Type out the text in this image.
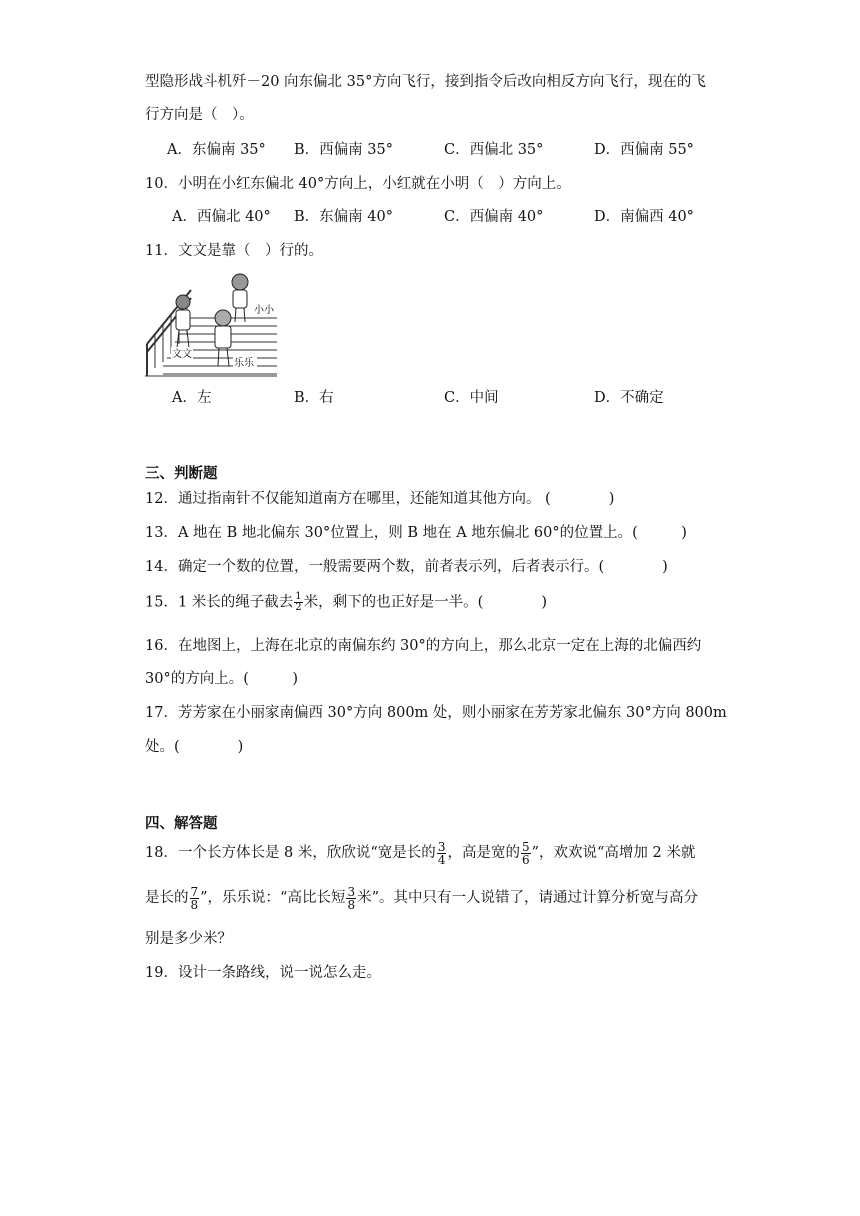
型隐形战斗机歼－20 向东偏北 35°方向飞行，接到指令后改向相反方向飞行，现在的飞
行方向是（　）。
A．东偏南 35° B．西偏南 35°	C．西偏北 35°	D．西偏南 55°
10．小明在小红东偏北 40°方向上，小红就在小明（　）方向上。
A．西偏北 40° B．东偏南 40°	C．西偏南 40°	D．南偏西 40°
11．文文是靠（　）行的。
文文
乐乐
小小
A．左	B．右	C．中间	D．不确定
三、判断题
12．通过指南针不仅能知道南方在哪里，还能知道其他方向。 (　　　　)
13．A 地在 B 地北偏东 30°位置上，则 B 地在 A 地东偏北 60°的位置上。(　　　)
14．确定一个数的位置，一般需要两个数，前者表示列，后者表示行。(　　　　)
15．1 米长的绳子截去 $\frac{1}{2}$ 米，剩下的也正好是一半。(　　　　)
16．在地图上，上海在北京的南偏东约 30°的方向上，那么北京一定在上海的北偏西约
30°的方向上。(　　　)
17．芳芳家在小丽家南偏西 30°方向 800m 处，则小丽家在芳芳家北偏东 30°方向 800m
处。(　　　　)
四、解答题
18．一个长方体长是 8 米，欣欣说“宽是长的 $\frac{3}{4}$ ，高是宽的 $\frac{5}{6}$ ”，欢欢说“高增加 2 米就
是长的 $\frac{7}{8}$ ”，乐乐说：“高比长短 $\frac{3}{8}$ 米”。其中只有一人说错了，请通过计算分析宽与高分
别是多少米？
19．设计一条路线，说一说怎么走。
